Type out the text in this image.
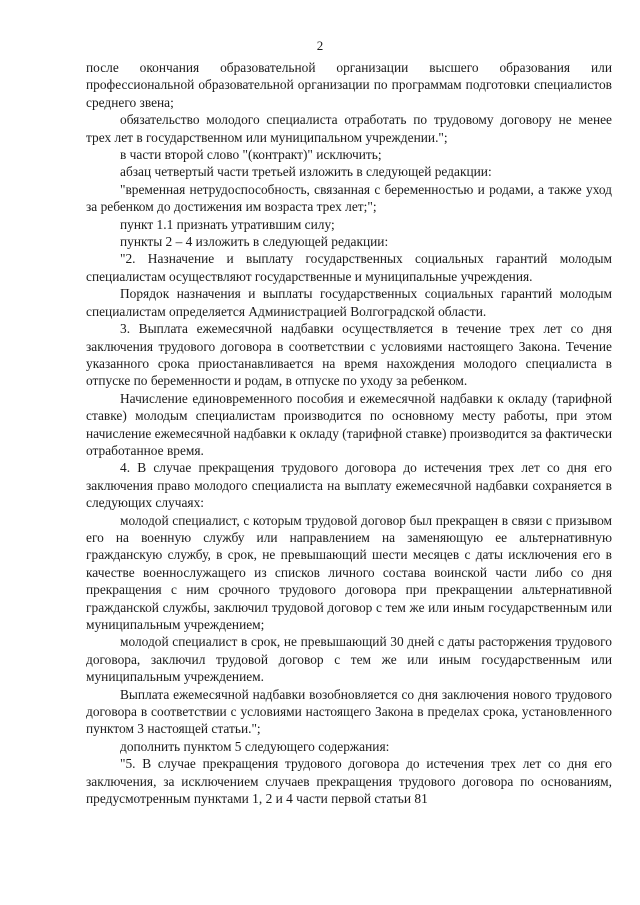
2

после окончания образовательной организации высшего образования или профессиональной образовательной организации по программам подготовки специалистов среднего звена;

обязательство молодого специалиста отработать по трудовому договору не менее трех лет в государственном или муниципальном учреждении.";

в части второй слово "(контракт)" исключить;

абзац четвертый части третьей изложить в следующей редакции:

"временная нетрудоспособность, связанная с беременностью и родами, а также уход за ребенком до достижения им возраста трех лет;";

пункт 1.1 признать утратившим силу;

пункты 2 – 4 изложить в следующей редакции:

"2. Назначение и выплату государственных социальных гарантий молодым специалистам осуществляют государственные и муниципальные учреждения.

Порядок назначения и выплаты государственных социальных гарантий молодым специалистам определяется Администрацией Волгоградской области.

3. Выплата ежемесячной надбавки осуществляется в течение трех лет со дня заключения трудового договора в соответствии с условиями настоящего Закона. Течение указанного срока приостанавливается на время нахождения молодого специалиста в отпуске по беременности и родам, в отпуске по уходу за ребенком.

Начисление единовременного пособия и ежемесячной надбавки к окладу (тарифной ставке) молодым специалистам производится по основному месту работы, при этом начисление ежемесячной надбавки к окладу (тарифной ставке) производится за фактически отработанное время.

4. В случае прекращения трудового договора до истечения трех лет со дня его заключения право молодого специалиста на выплату ежемесячной надбавки сохраняется в следующих случаях:

молодой специалист, с которым трудовой договор был прекращен в связи с призывом его на военную службу или направлением на заменяющую ее альтернативную гражданскую службу, в срок, не превышающий шести месяцев с даты исключения его в качестве военнослужащего из списков личного состава воинской части либо со дня прекращения с ним срочного трудового договора при прекращении альтернативной гражданской службы, заключил трудовой договор с тем же или иным государственным или муниципальным учреждением;

молодой специалист в срок, не превышающий 30 дней с даты расторжения трудового договора, заключил трудовой договор с тем же или иным государственным или муниципальным учреждением.

Выплата ежемесячной надбавки возобновляется со дня заключения нового трудового договора в соответствии с условиями настоящего Закона в пределах срока, установленного пунктом 3 настоящей статьи.";

дополнить пунктом 5 следующего содержания:

"5. В случае прекращения трудового договора до истечения трех лет со дня его заключения, за исключением случаев прекращения трудового договора по основаниям, предусмотренным пунктами 1, 2 и 4 части первой статьи 81
